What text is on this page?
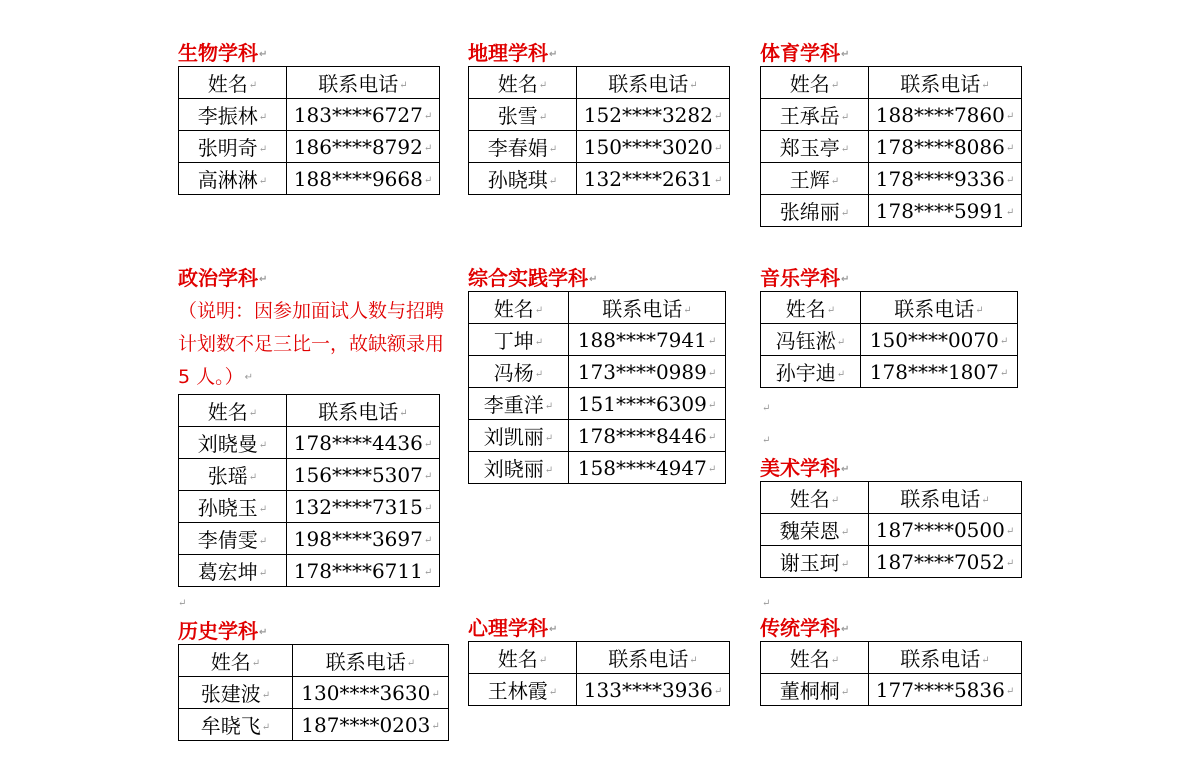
生物学科↵
姓名↵	联系电话↵
李振林↵	183****6727↵
张明奇↵	186****8792↵
高淋淋↵	188****9668↵
地理学科↵
姓名↵	联系电话↵
张雪↵	152****3282↵
李春娟↵	150****3020↵
孙晓琪↵	132****2631↵
体育学科↵
姓名↵	联系电话↵
王承岳↵	188****7860↵
郑玉亭↵	178****8086↵
王辉↵	178****9336↵
张绵丽↵	178****5991↵
政治学科↵
（说明：因参加面试人数与招聘计划数不足三比一，故缺额录用 5 人。）↵
姓名↵	联系电话↵
刘晓曼↵	178****4436↵
张瑶↵	156****5307↵
孙晓玉↵	132****7315↵
李倩雯↵	198****3697↵
葛宏坤↵	178****6711↵
综合实践学科↵
姓名↵	联系电话↵
丁坤↵	188****7941↵
冯杨↵	173****0989↵
李重洋↵	151****6309↵
刘凯丽↵	178****8446↵
刘晓丽↵	158****4947↵
音乐学科↵
姓名↵	联系电话↵
冯钰淞↵	150****0070↵
孙宇迪↵	178****1807↵
美术学科↵
姓名↵	联系电话↵
魏荣恩↵	187****0500↵
谢玉珂↵	187****7052↵
历史学科↵
姓名↵	联系电话↵
张建波↵	130****3630↵
牟晓飞↵	187****0203↵
心理学科↵
姓名↵	联系电话↵
王林霞↵	133****3936↵
传统学科↵
姓名↵	联系电话↵
董桐桐↵	177****5836↵
↵
↵
↵	↵
